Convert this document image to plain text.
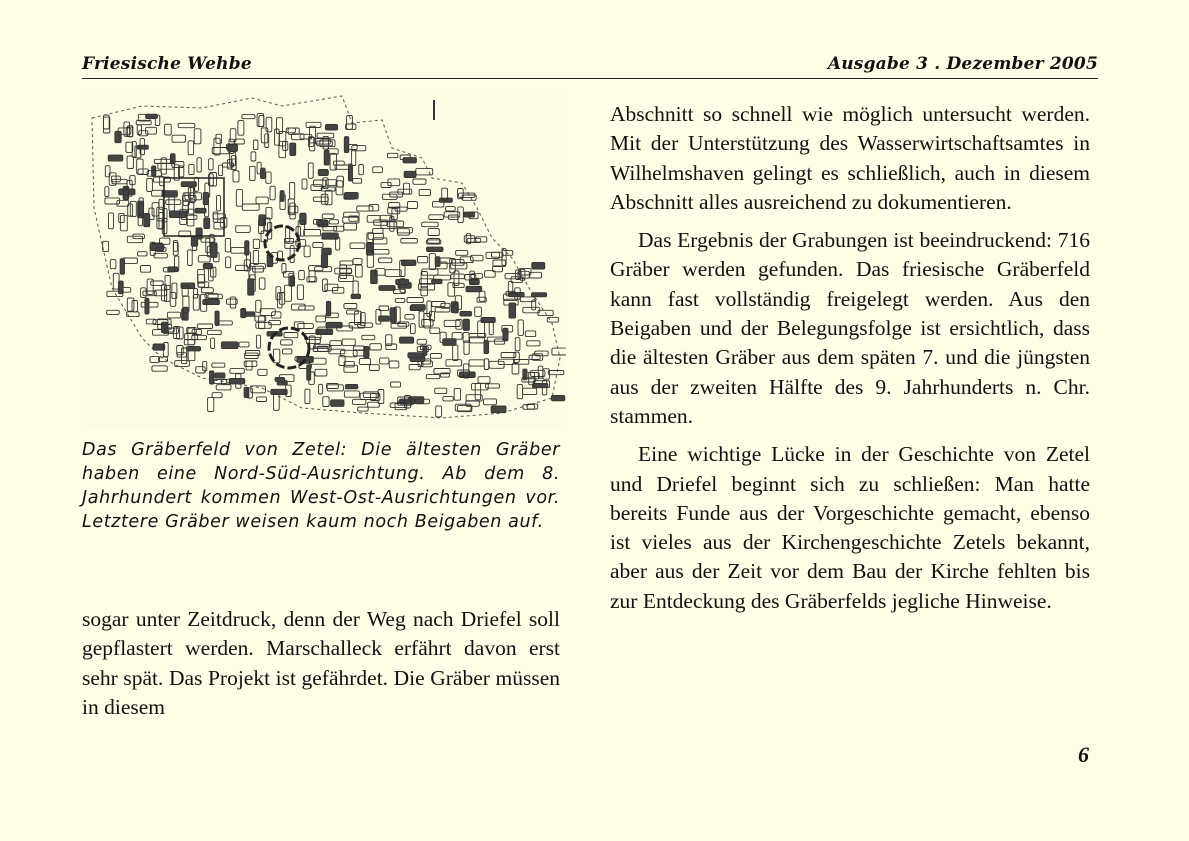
Friesische Wehbe	Ausgabe 3 . Dezember 2005

Das Gräberfeld von Zetel: Die ältesten Gräber haben eine Nord-Süd-Ausrichtung. Ab dem 8. Jahrhundert kommen West-Ost-Ausrichtungen vor. Letztere Gräber weisen kaum noch Beigaben auf.

sogar unter Zeitdruck, denn der Weg nach Driefel soll gepflastert werden. Marschalleck erfährt davon erst sehr spät. Das Projekt ist gefährdet. Die Gräber müssen in diesem

Abschnitt so schnell wie möglich untersucht werden. Mit der Unterstützung des Wasserwirtschaftsamtes in Wilhelmshaven gelingt es schließlich, auch in diesem Abschnitt alles ausreichend zu dokumentieren.

Das Ergebnis der Grabungen ist beeindruckend: 716 Gräber werden gefunden. Das friesische Gräberfeld kann fast vollständig freigelegt werden. Aus den Beigaben und der Belegungsfolge ist ersichtlich, dass die ältesten Gräber aus dem späten 7. und die jüngsten aus der zweiten Hälfte des 9. Jahrhunderts n. Chr. stammen.

Eine wichtige Lücke in der Geschichte von Zetel und Driefel beginnt sich zu schließen: Man hatte bereits Funde aus der Vorgeschichte gemacht, ebenso ist vieles aus der Kirchengeschichte Zetels bekannt, aber aus der Zeit vor dem Bau der Kirche fehlten bis zur Entdeckung des Gräberfelds jegliche Hinweise.

6
